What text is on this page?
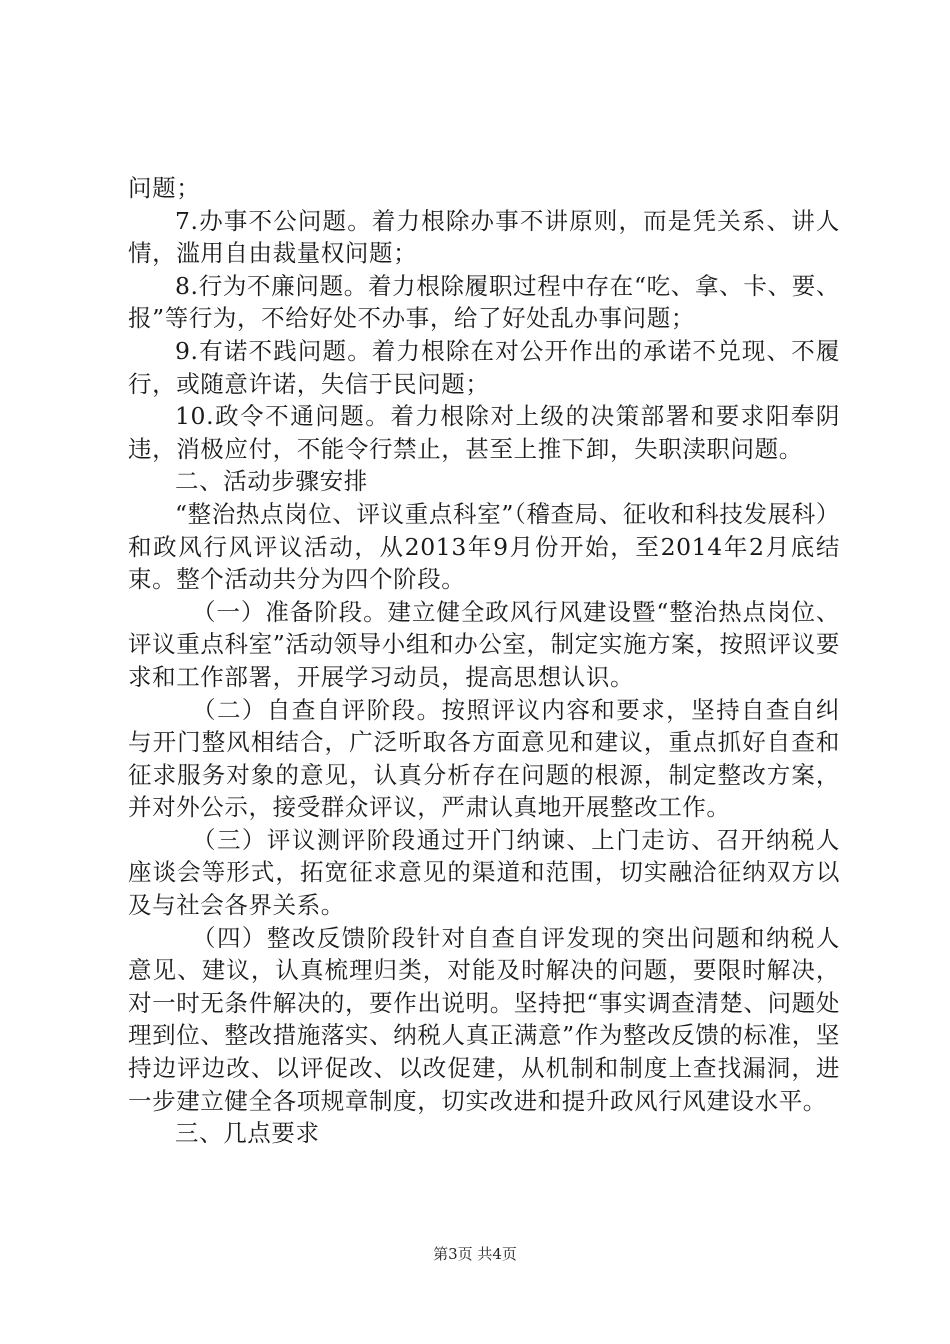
问题；

7.办事不公问题。着力根除办事不讲原则，而是凭关系、讲人情，滥用自由裁量权问题；

8.行为不廉问题。着力根除履职过程中存在“吃、拿、卡、要、报”等行为，不给好处不办事，给了好处乱办事问题；

9.有诺不践问题。着力根除在对公开作出的承诺不兑现、不履行，或随意许诺，失信于民问题；

10.政令不通问题。着力根除对上级的决策部署和要求阳奉阴违，消极应付，不能令行禁止，甚至上推下卸，失职渎职问题。

二、活动步骤安排

“整治热点岗位、评议重点科室”（稽查局、征收和科技发展科）和政风行风评议活动，从2013年9月份开始，至2014年2月底结束。整个活动共分为四个阶段。

（一）准备阶段。建立健全政风行风建设暨“整治热点岗位、评议重点科室”活动领导小组和办公室，制定实施方案，按照评议要求和工作部署，开展学习动员，提高思想认识。

（二）自查自评阶段。按照评议内容和要求，坚持自查自纠与开门整风相结合，广泛听取各方面意见和建议，重点抓好自查和征求服务对象的意见，认真分析存在问题的根源，制定整改方案，并对外公示，接受群众评议，严肃认真地开展整改工作。

（三）评议测评阶段通过开门纳谏、上门走访、召开纳税人座谈会等形式，拓宽征求意见的渠道和范围，切实融洽征纳双方以及与社会各界关系。

（四）整改反馈阶段针对自查自评发现的突出问题和纳税人意见、建议，认真梳理归类，对能及时解决的问题，要限时解决，对一时无条件解决的，要作出说明。坚持把“事实调查清楚、问题处理到位、整改措施落实、纳税人真正满意”作为整改反馈的标准，坚持边评边改、以评促改、以改促建，从机制和制度上查找漏洞，进一步建立健全各项规章制度，切实改进和提升政风行风建设水平。

三、几点要求

第3页 共4页
